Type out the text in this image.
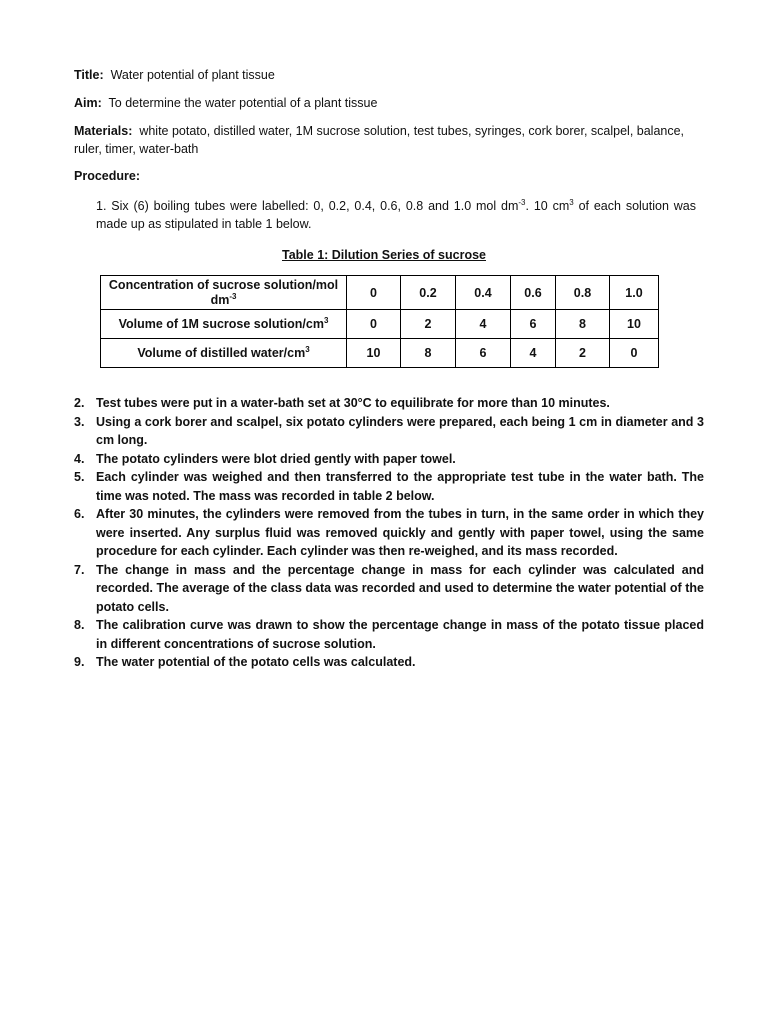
Title: Water potential of plant tissue
Aim: To determine the water potential of a plant tissue
Materials: white potato, distilled water, 1M sucrose solution, test tubes, syringes, cork borer, scalpel, balance, ruler, timer, water-bath
Procedure:
1. Six (6) boiling tubes were labelled: 0, 0.2, 0.4, 0.6, 0.8 and 1.0 mol $dm^{-3}$. 10 $cm^3$ of each solution was made up as stipulated in table 1 below.
Table 1: Dilution Series of sucrose
Concentration of sucrose solution/mol $dm^{-3}$	0	0.2	0.4	0.6	0.8	1.0
Volume of 1M sucrose solution/$cm^3$	0	2	4	6	8	10
Volume of distilled water/$cm^3$	10	8	6	4	2	0
2. Test tubes were put in a water-bath set at 30°C to equilibrate for more than 10 minutes.
3. Using a cork borer and scalpel, six potato cylinders were prepared, each being 1 cm in diameter and 3 cm long.
4. The potato cylinders were blot dried gently with paper towel.
5. Each cylinder was weighed and then transferred to the appropriate test tube in the water bath. The time was noted. The mass was recorded in table 2 below.
6. After 30 minutes, the cylinders were removed from the tubes in turn, in the same order in which they were inserted. Any surplus fluid was removed quickly and gently with paper towel, using the same procedure for each cylinder. Each cylinder was then re-weighed, and its mass recorded.
7. The change in mass and the percentage change in mass for each cylinder was calculated and recorded. The average of the class data was recorded and used to determine the water potential of the potato cells.
8. The calibration curve was drawn to show the percentage change in mass of the potato tissue placed in different concentrations of sucrose solution.
9. The water potential of the potato cells was calculated.
